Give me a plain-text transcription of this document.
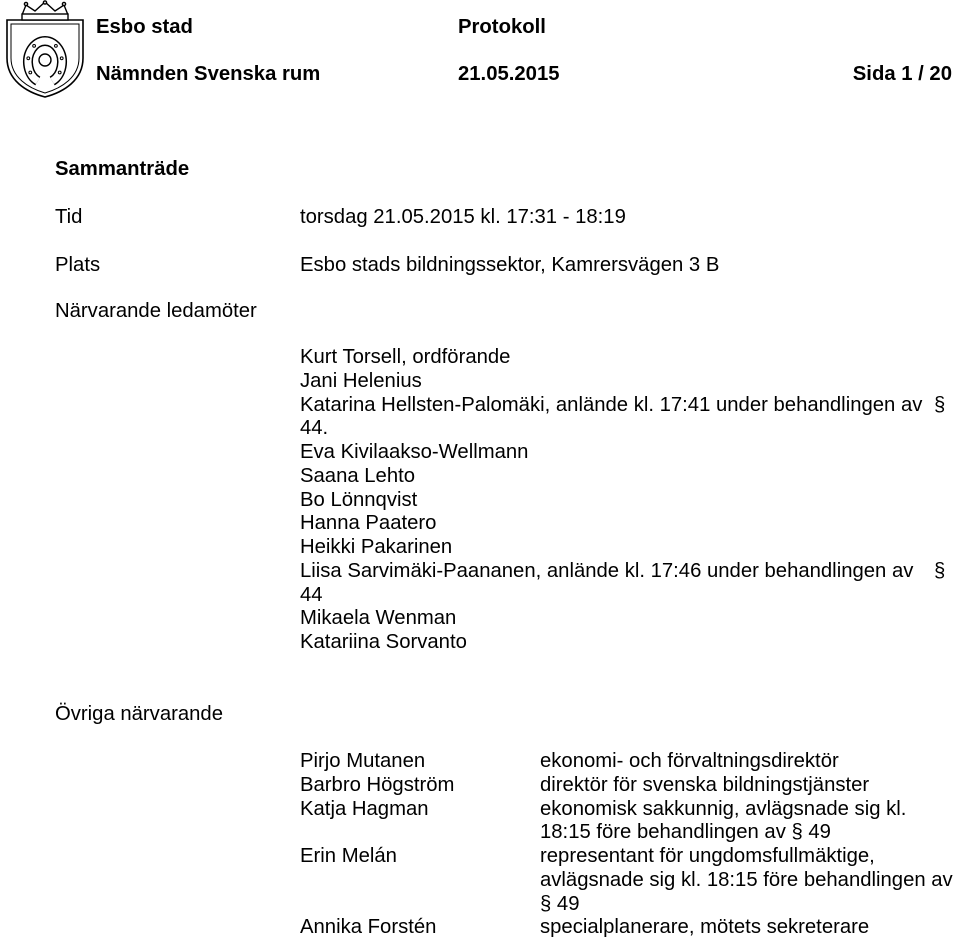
Esbo stad	Protokoll
Nämnden Svenska rum	21.05.2015	Sida 1 / 20
Sammanträde
Tid	torsdag 21.05.2015 kl. 17:31 - 18:19
Plats	Esbo stads bildningssektor, Kamrersvägen 3 B
Närvarande ledamöter
Kurt Torsell, ordförande
Jani Helenius
Katarina Hellsten-Palomäki, anlände kl. 17:41 under behandlingen av §
44.
Eva Kivilaakso-Wellmann
Saana Lehto
Bo Lönnqvist
Hanna Paatero
Heikki Pakarinen
Liisa Sarvimäki-Paananen, anlände kl. 17:46 under behandlingen av §
44
Mikaela Wenman
Katariina Sorvanto
Övriga närvarande
Pirjo Mutanen	ekonomi- och förvaltningsdirektör
Barbro Högström	direktör för svenska bildningstjänster
Katja Hagman	ekonomisk sakkunnig, avlägsnade sig kl.
18:15 före behandlingen av § 49
Erin Melán	representant för ungdomsfullmäktige,
avlägsnade sig kl. 18:15 före behandlingen av
§ 49
Annika Forstén	specialplanerare, mötets sekreterare
